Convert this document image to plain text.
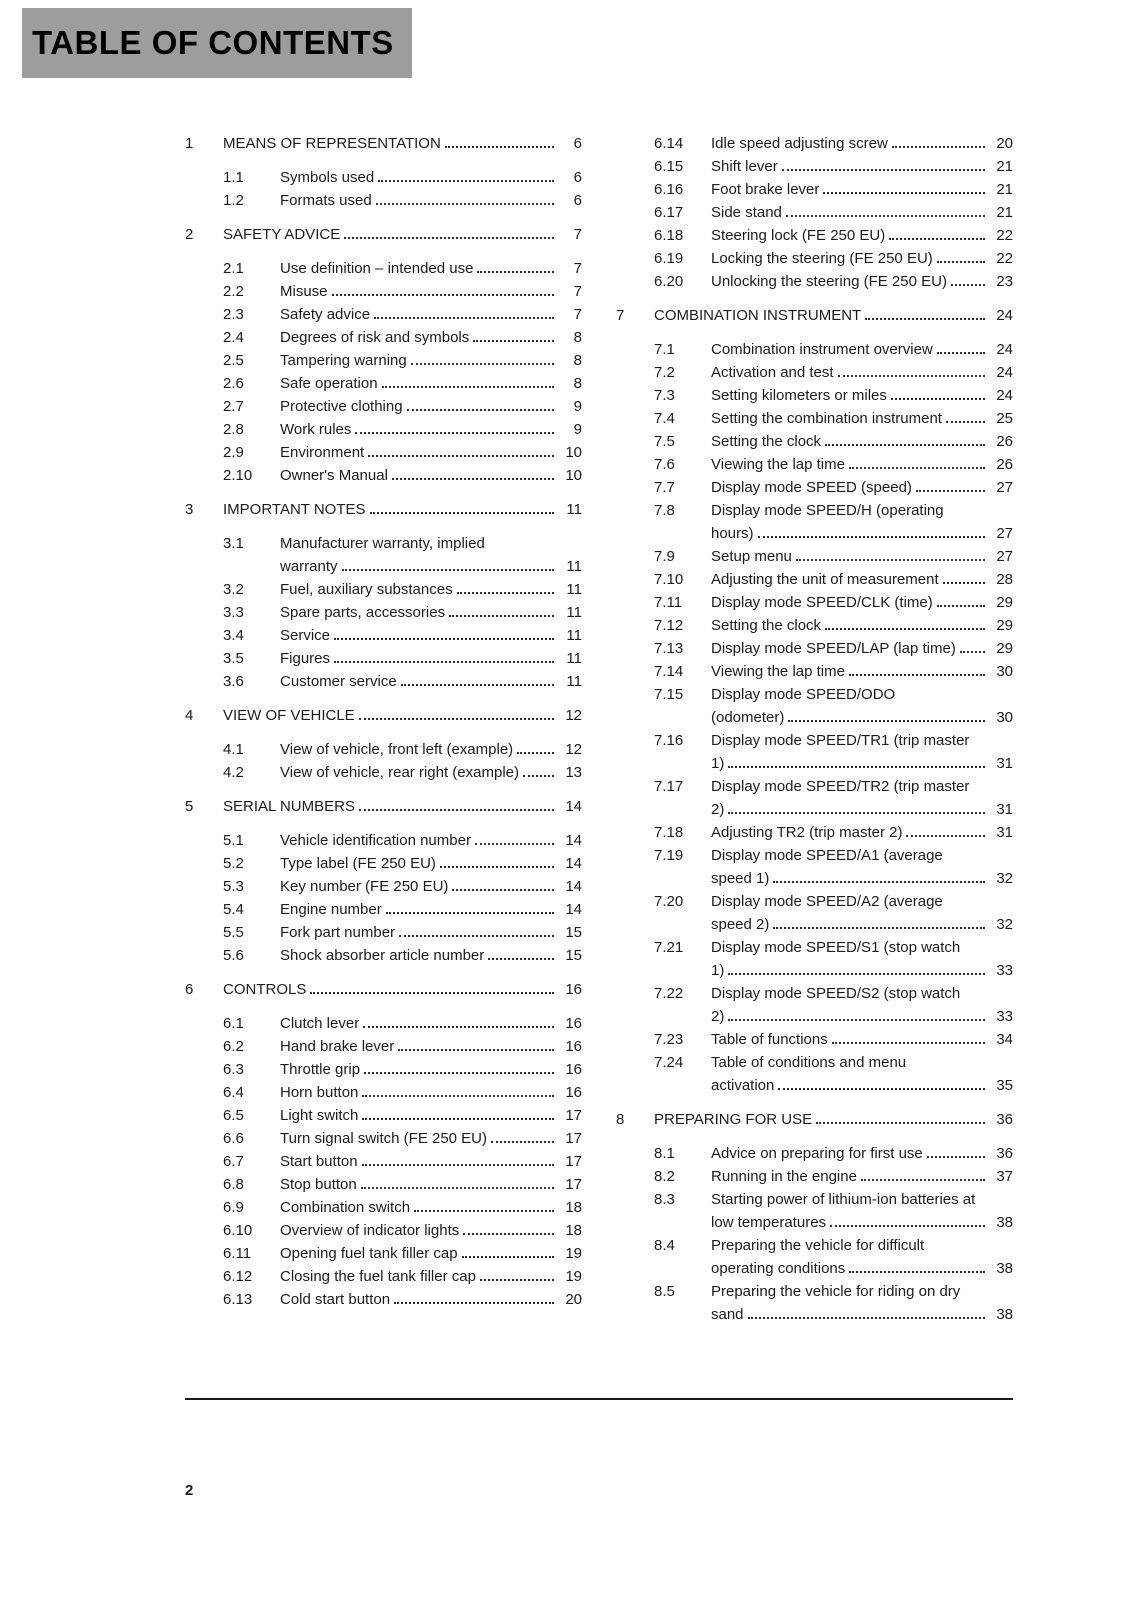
TABLE OF CONTENTS
1 MEANS OF REPRESENTATION	6
1.1 Symbols used	6
1.2 Formats used	6
2 SAFETY ADVICE	7
2.1 Use definition – intended use	7
2.2 Misuse	7
2.3 Safety advice	7
2.4 Degrees of risk and symbols	8
2.5 Tampering warning	8
2.6 Safe operation	8
2.7 Protective clothing	9
2.8 Work rules	9
2.9 Environment	10
2.10 Owner's Manual	10
3 IMPORTANT NOTES	11
3.1 Manufacturer warranty, implied
warranty	11
3.2 Fuel, auxiliary substances	11
3.3 Spare parts, accessories	11
3.4 Service	11
3.5 Figures	11
3.6 Customer service	11
4 VIEW OF VEHICLE	12
4.1 View of vehicle, front left (example)	12
4.2 View of vehicle, rear right (example)	13
5 SERIAL NUMBERS	14
5.1 Vehicle identification number	14
5.2 Type label (FE 250 EU)	14
5.3 Key number (FE 250 EU)	14
5.4 Engine number	14
5.5 Fork part number	15
5.6 Shock absorber article number	15
6 CONTROLS	16
6.1 Clutch lever	16
6.2 Hand brake lever	16
6.3 Throttle grip	16
6.4 Horn button	16
6.5 Light switch	17
6.6 Turn signal switch (FE 250 EU)	17
6.7 Start button	17
6.8 Stop button	17
6.9 Combination switch	18
6.10 Overview of indicator lights	18
6.11 Opening fuel tank filler cap	19
6.12 Closing the fuel tank filler cap	19
6.13 Cold start button	20
6.14 Idle speed adjusting screw	20
6.15 Shift lever	21
6.16 Foot brake lever	21
6.17 Side stand	21
6.18 Steering lock (FE 250 EU)	22
6.19 Locking the steering (FE 250 EU)	22
6.20 Unlocking the steering (FE 250 EU)	23
7 COMBINATION INSTRUMENT	24
7.1 Combination instrument overview	24
7.2 Activation and test	24
7.3 Setting kilometers or miles	24
7.4 Setting the combination instrument	25
7.5 Setting the clock	26
7.6 Viewing the lap time	26
7.7 Display mode SPEED (speed)	27
7.8 Display mode SPEED/H (operating hours)	27
7.9 Setup menu	27
7.10 Adjusting the unit of measurement	28
7.11 Display mode SPEED/CLK (time)	29
7.12 Setting the clock	29
7.13 Display mode SPEED/LAP (lap time)	29
7.14 Viewing the lap time	30
7.15 Display mode SPEED/ODO
(odometer)	30
7.16 Display mode SPEED/TR1 (trip master
1)	31
7.17 Display mode SPEED/TR2 (trip master
2)	31
7.18 Adjusting TR2 (trip master 2)	31
7.19 Display mode SPEED/A1 (average speed 1)	32
7.20 Display mode SPEED/A2 (average speed 2)	32
7.21 Display mode SPEED/S1 (stop watch
1)	33
7.22 Display mode SPEED/S2 (stop watch
2)	33
7.23 Table of functions	34
7.24 Table of conditions and menu
activation	35
8 PREPARING FOR USE	36
8.1 Advice on preparing for first use	36
8.2 Running in the engine	37
8.3 Starting power of lithium-ion batteries at low temperatures	38
8.4 Preparing the vehicle for difficult operating conditions	38
8.5 Preparing the vehicle for riding on dry sand	38
2
